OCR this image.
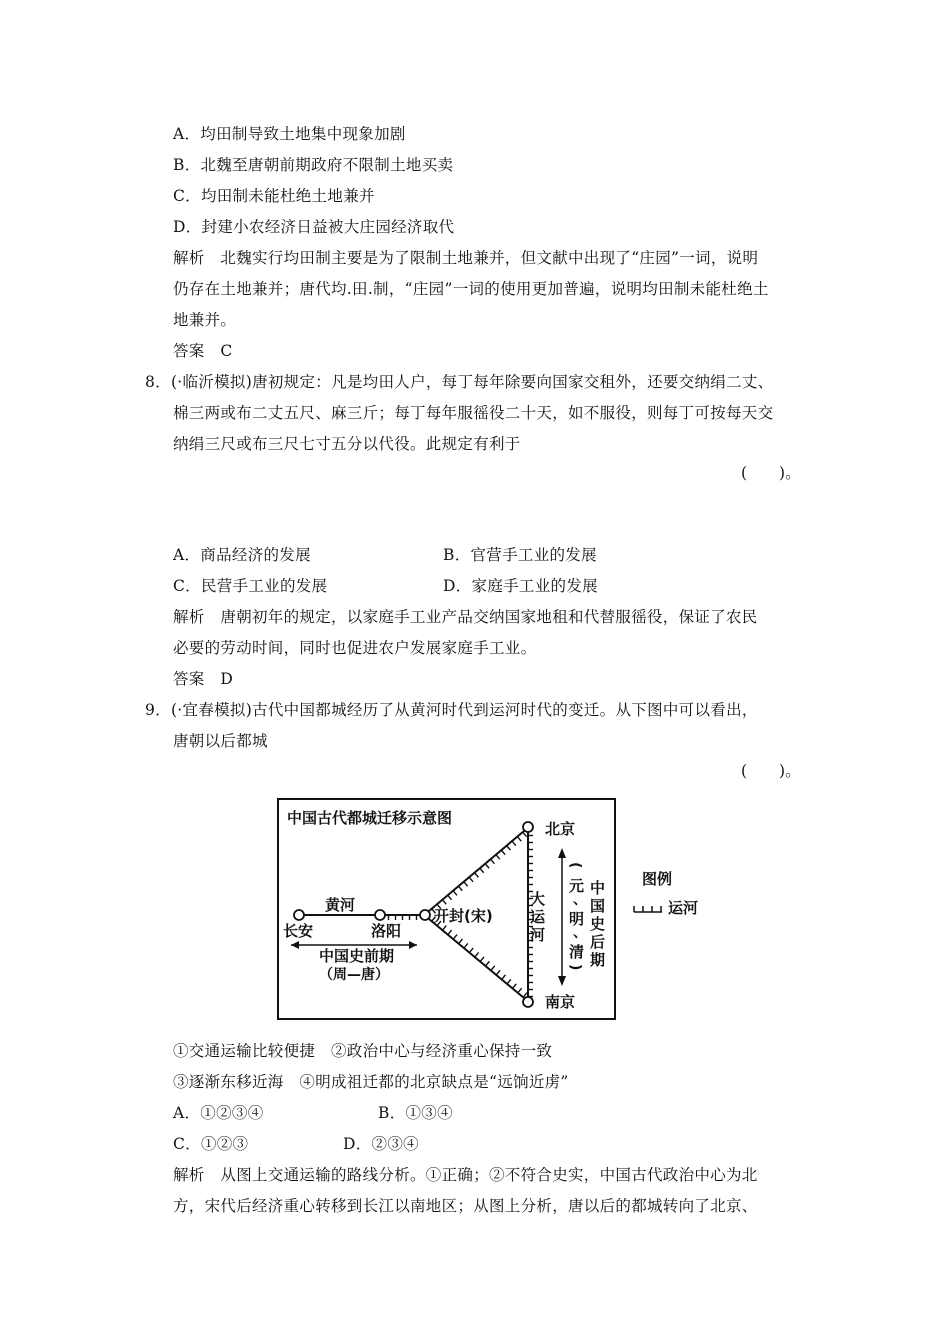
A．均田制导致土地集中现象加剧
B．北魏至唐朝前期政府不限制土地买卖
C．均田制未能杜绝土地兼并
D．封建小农经济日益被大庄园经济取代
解析　北魏实行均田制主要是为了限制土地兼并，但文献中出现了“庄园”一词，说明
仍存在土地兼并；唐代均.田.制，“庄园”一词的使用更加普遍，说明均田制未能杜绝土
地兼并。
答案　C
8．(·临沂模拟)唐初规定：凡是均田人户，每丁每年除要向国家交租外，还要交纳绢二丈、
棉三两或布二丈五尺、麻三斤；每丁每年服徭役二十天，如不服役，则每丁可按每天交
纳绢三尺或布三尺七寸五分以代役。此规定有利于
(　　)。
A．商品经济的发展	B．官营手工业的发展
C．民营手工业的发展	D．家庭手工业的发展
解析　唐朝初年的规定，以家庭手工业产品交纳国家地租和代替服徭役，保证了农民
必要的劳动时间，同时也促进农户发展家庭手工业。
答案　D
9．(·宜春模拟)古代中国都城经历了从黄河时代到运河时代的变迁。从下图中可以看出，
唐朝以后都城
(　　)。
中国古代都城迁移示意图
黄河
长安	洛阳
开封(宋)
北京
南京
中国史前期
（周—唐）
大
运
河
(
元
、
明
、
清
)
中
国
史
后
期
图例
运河
①交通运输比较便捷　②政治中心与经济重心保持一致
③逐渐东移近海　④明成祖迁都的北京缺点是“远饷近虏”
A．①②③④	B．①③④
C．①②③	D．②③④
解析　从图上交通运输的路线分析。①正确；②不符合史实，中国古代政治中心为北
方，宋代后经济重心转移到长江以南地区；从图上分析，唐以后的都城转向了北京、
